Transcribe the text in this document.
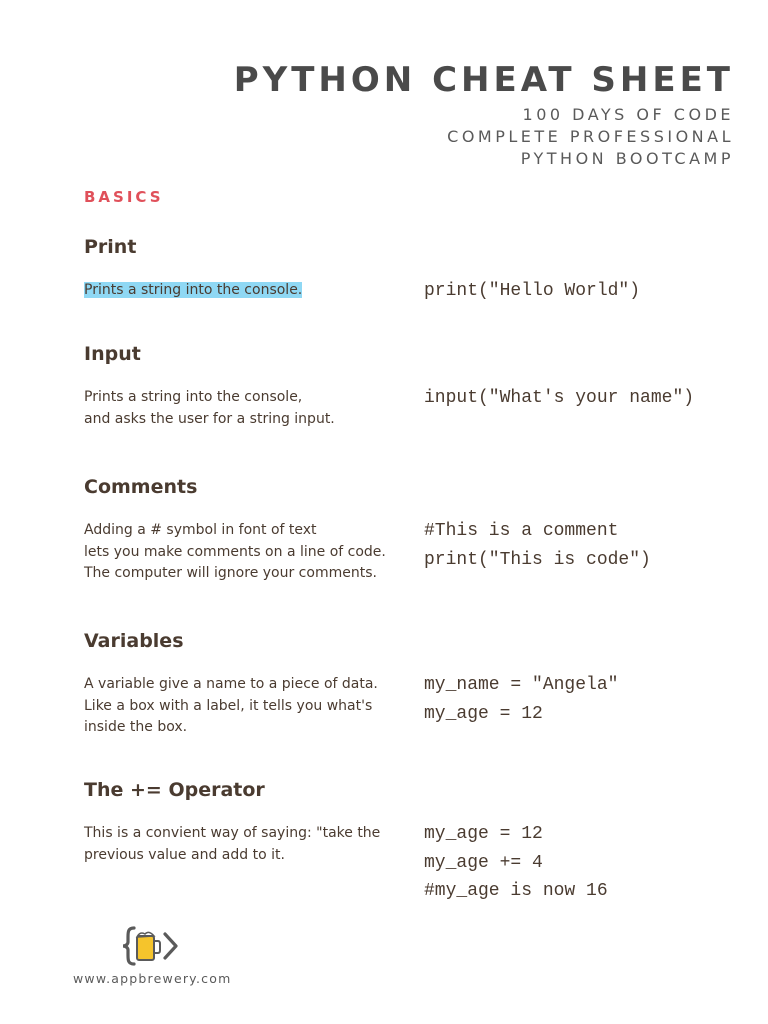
PYTHON CHEAT SHEET
100 DAYS OF CODE
COMPLETE PROFESSIONAL
PYTHON BOOTCAMP
BASICS
Print
Prints a string into the console.	print("Hello World")
Input
Prints a string into the console,
and asks the user for a string input.
input("What's your name")
Comments
Adding a # symbol in font of text
lets you make comments on a line of code.
The computer will ignore your comments.
#This is a comment
print("This is code")
Variables
A variable give a name to a piece of data.
Like a box with a label, it tells you what's
inside the box.
my_name = "Angela"
my_age = 12
The += Operator
This is a convient way of saying: "take the
previous value and add to it.
my_age = 12
my_age += 4
#my_age is now 16
www.appbrewery.com
